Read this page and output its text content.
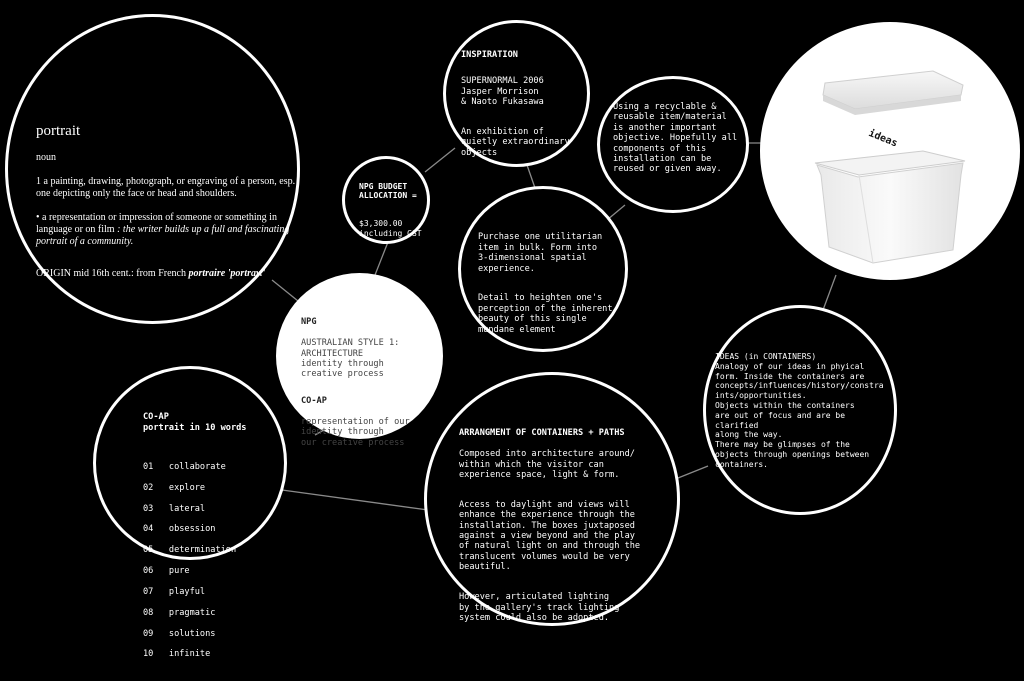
portrait

noun

1 a painting, drawing, photograph, or engraving of a person, esp. one depicting only the face or head and shoulders.

• a representation or impression of someone or something in language or on film : the writer builds up a full and fascinating portrait of a community.

ORIGIN mid 16th cent.: from French portraire 'portray.'

NPG BUDGET
ALLOCATION =

$3,300.00
including GST

INSPIRATION

SUPERNORMAL 2006
Jasper Morrison
& Naoto Fukasawa

An exhibition of
quietly extraordinary
objects

Using a recyclable &
reusable item/material
is another important
objective. Hopefully all
components of this
installation can be
reused or given away.

Purchase one utilitarian
item in bulk. Form into
3-dimensional spatial
experience.

Detail to heighten one's
perception of the inherent
beauty of this single
mundane element

ideas

NPG

AUSTRALIAN STYLE 1:
ARCHITECTURE
identity through
creative process

CO-AP

representation of our
identity through
our creative process

CO-AP
portrait in 10 words

01 collaborate

02 explore

03 lateral

04 obsession

05 determination

06 pure

07 playful

08 pragmatic

09 solutions

10 infinite

ARRANGMENT OF CONTAINERS + PATHS

Composed into architecture around/
within which the visitor can
experience space, light & form.

Access to daylight and views will
enhance the experience through the
installation. The boxes juxtaposed
against a view beyond and the play
of natural light on and through the
translucent volumes would be very
beautiful.

However, articulated lighting
by the gallery's track lighting
system could also be adopted.

IDEAS (in CONTAINERS)
Analogy of our ideas in phyical
form. Inside the containers are
concepts/influences/history/constra
ints/opportunities.
Objects within the containers
are out of focus and are be
clarified
along the way.
There may be glimpses of the
objects through openings between
containers.
